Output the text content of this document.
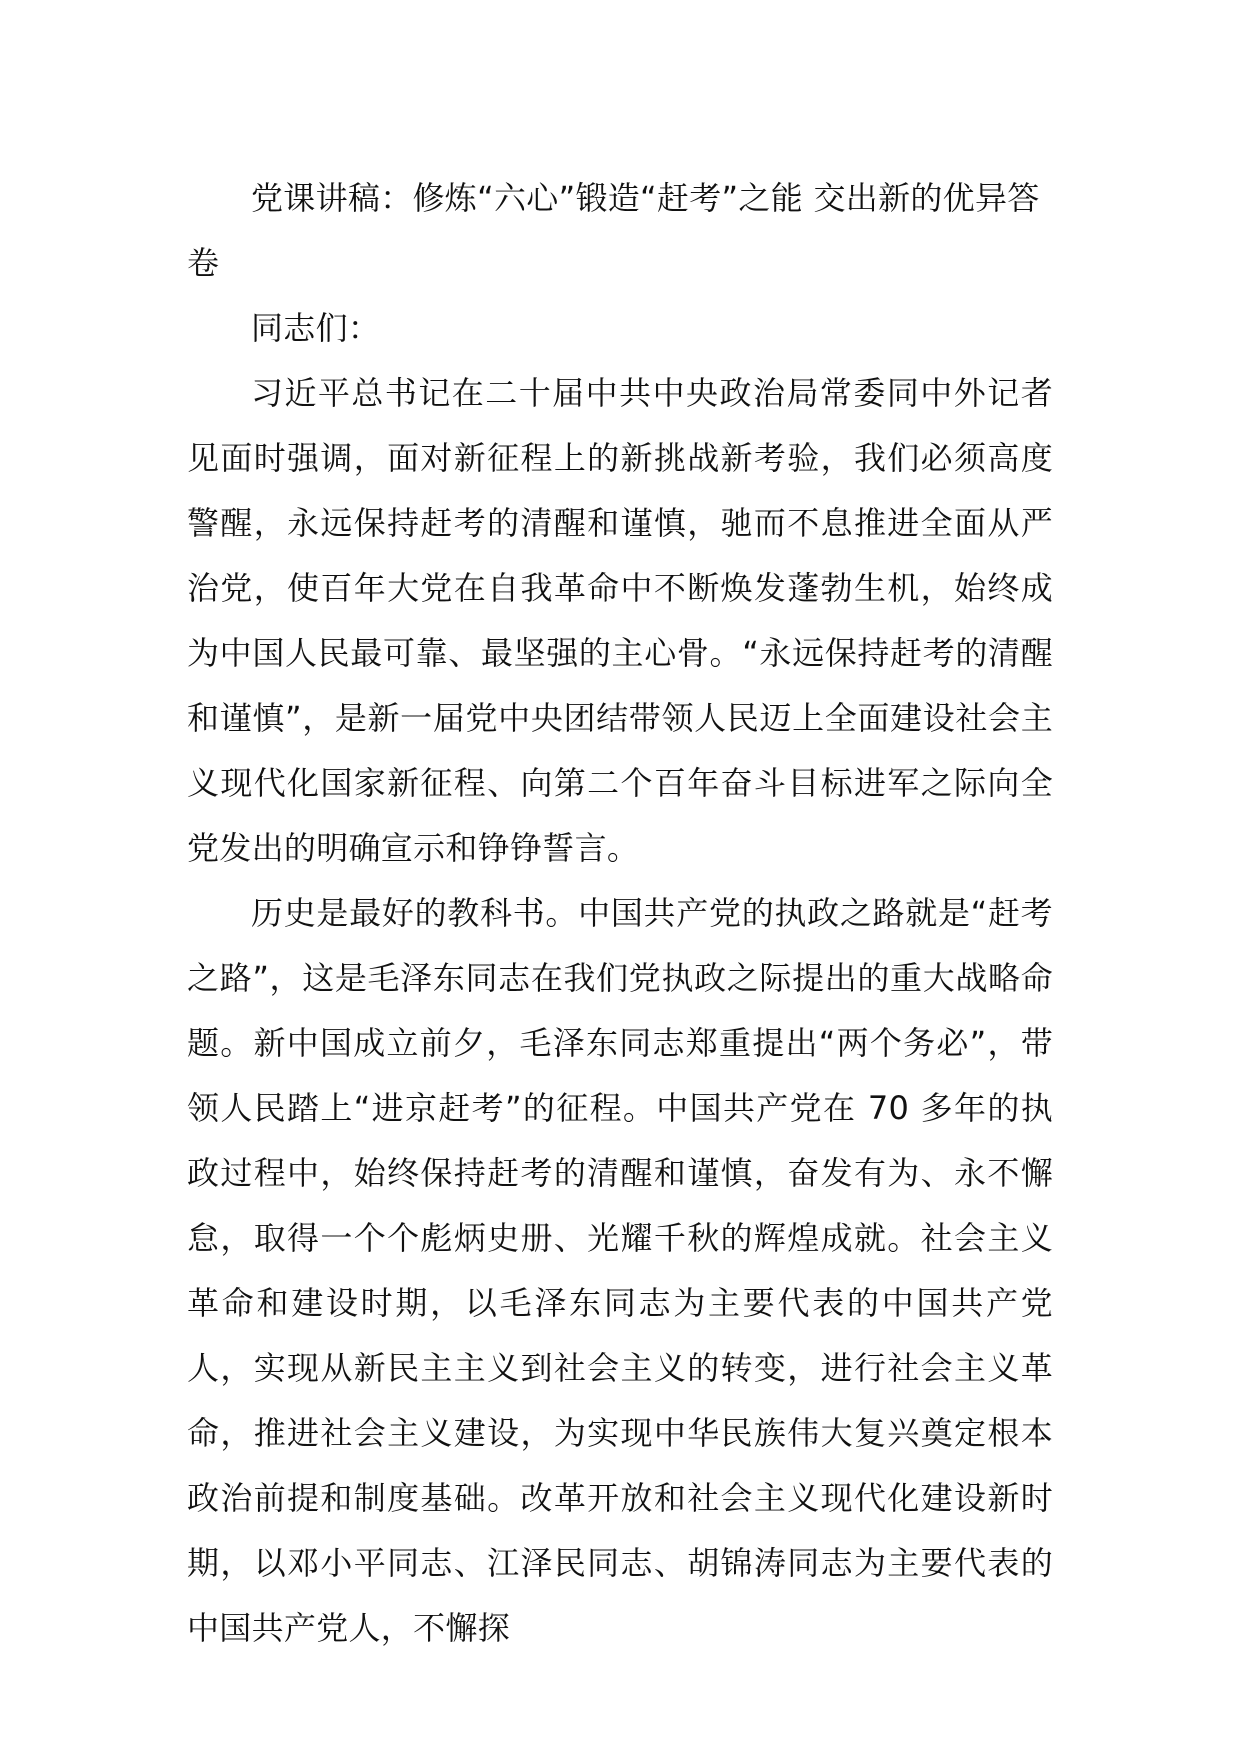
党课讲稿：修炼“六心”锻造“赶考”之能 交出新的优异答卷

同志们：

习近平总书记在二十届中共中央政治局常委同中外记者见面时强调，面对新征程上的新挑战新考验，我们必须高度警醒，永远保持赶考的清醒和谨慎，驰而不息推进全面从严治党，使百年大党在自我革命中不断焕发蓬勃生机，始终成为中国人民最可靠、最坚强的主心骨。“永远保持赶考的清醒和谨慎”，是新一届党中央团结带领人民迈上全面建设社会主义现代化国家新征程、向第二个百年奋斗目标进军之际向全党发出的明确宣示和铮铮誓言。

历史是最好的教科书。中国共产党的执政之路就是“赶考之路”，这是毛泽东同志在我们党执政之际提出的重大战略命题。新中国成立前夕，毛泽东同志郑重提出“两个务必”，带领人民踏上“进京赶考”的征程。中国共产党在 70 多年的执政过程中，始终保持赶考的清醒和谨慎，奋发有为、永不懈怠，取得一个个彪炳史册、光耀千秋的辉煌成就。社会主义革命和建设时期，以毛泽东同志为主要代表的中国共产党人，实现从新民主主义到社会主义的转变，进行社会主义革命，推进社会主义建设，为实现中华民族伟大复兴奠定根本政治前提和制度基础。改革开放和社会主义现代化建设新时期，以邓小平同志、江泽民同志、胡锦涛同志为主要代表的中国共产党人，不懈探
